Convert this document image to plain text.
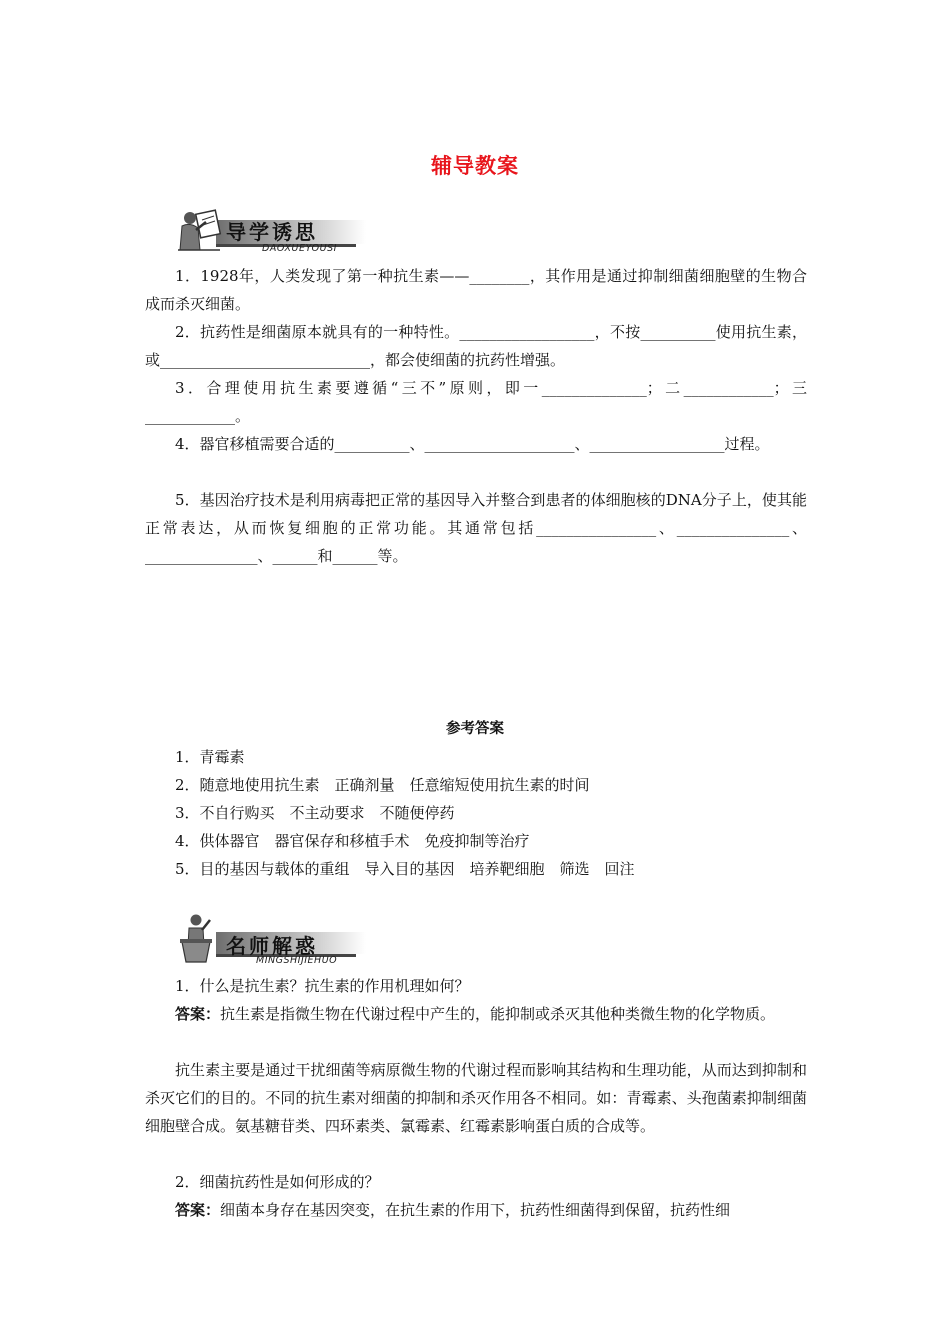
辅导教案
导学诱思
DAOXUEYOUSI
1．1928年，人类发现了第一种抗生素——________，其作用是通过抑制细菌细胞壁的生物合成而杀灭细菌。
2．抗药性是细菌原本就具有的一种特性。__________________，不按__________使用抗生素，或____________________________，都会使细菌的抗药性增强。
3．合理使用抗生素要遵循“三不”原则，即一______________；二____________；三____________。
4．器官移植需要合适的__________、____________________、__________________过程。
5．基因治疗技术是利用病毒把正常的基因导入并整合到患者的体细胞核的DNA分子上，使其能正常表达，从而恢复细胞的正常功能。其通常包括________________、_______________、_______________、______和______等。
参考答案
1．青霉素
2．随意地使用抗生素　正确剂量　任意缩短使用抗生素的时间
3．不自行购买　不主动要求　不随便停药
4．供体器官　器官保存和移植手术　免疫抑制等治疗
5．目的基因与载体的重组　导入目的基因　培养靶细胞　筛选　回注
名师解惑
MINGSHIJIEHUO
1．什么是抗生素？抗生素的作用机理如何？
答案：抗生素是指微生物在代谢过程中产生的，能抑制或杀灭其他种类微生物的化学物质。
抗生素主要是通过干扰细菌等病原微生物的代谢过程而影响其结构和生理功能，从而达到抑制和杀灭它们的目的。不同的抗生素对细菌的抑制和杀灭作用各不相同。如：青霉素、头孢菌素抑制细菌细胞壁合成。氨基糖苷类、四环素类、氯霉素、红霉素影响蛋白质的合成等。
2．细菌抗药性是如何形成的？
答案：细菌本身存在基因突变，在抗生素的作用下，抗药性细菌得到保留，抗药性细
